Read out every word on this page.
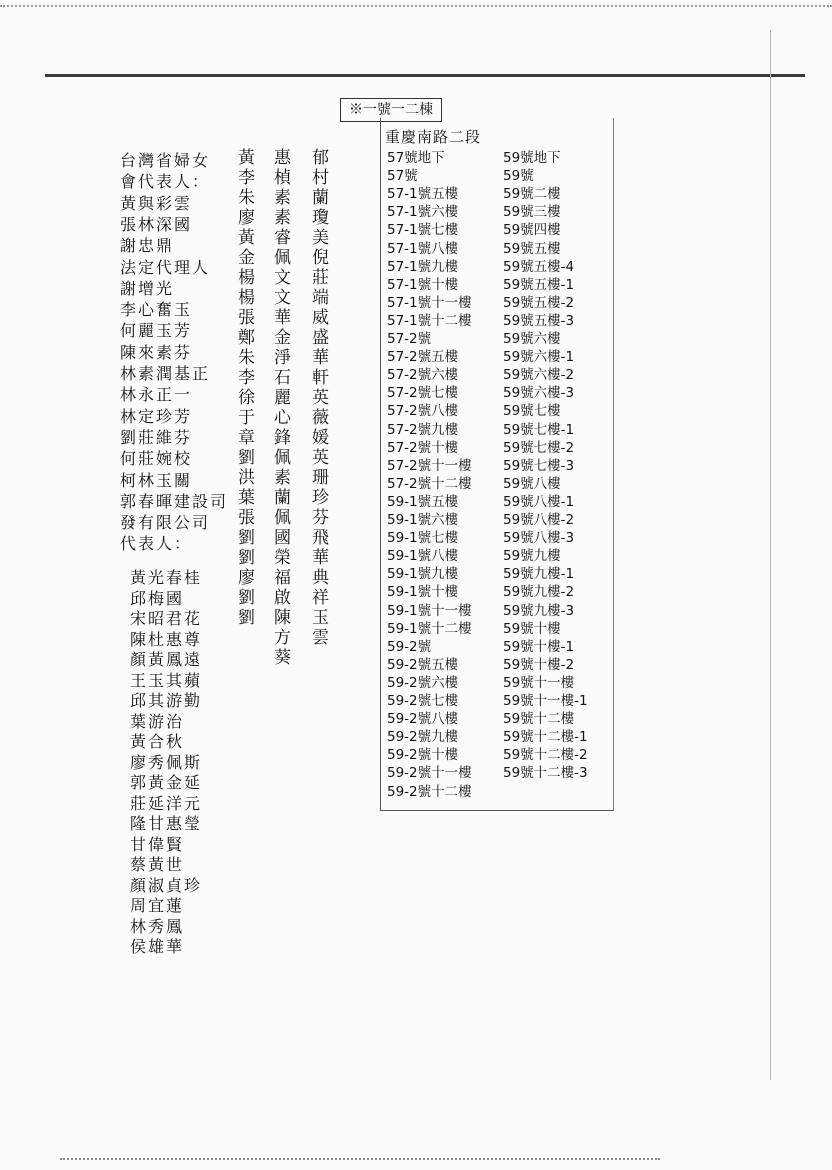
郁村蘭瓊美倪莊端威盛華軒英薇媛英珊珍芬飛華典祥玉雲
惠楨素素睿佩文文華金淨石麗心鋒佩素蘭佩國榮福啟陳方葵
黃李朱廖黃金楊楊張鄭朱李徐于章劉洪葉張劉劉廖劉劉
台灣省婦女
會代表人：
黃與彩雲
張林深國
謝忠鼎
法定代理人
謝增光
李心奮玉
何麗玉芳
陳來素芬
林素潤基正
林永正一
林定珍芳
劉莊維芬
何莊婉校
柯林玉關
郭春暉建設司
發有限公司
代表人：
黃光春桂
邱梅國
宋昭君花
陳杜惠尊
顏黃鳳遠
王玉其蘋
邱其游勤
葉游治
黃合秋
廖秀佩斯
郭黃金延
莊延洋元
隆甘惠瑩
甘偉賢
蔡黃世
顏淑貞珍
周宜蓮
林秀鳳
侯雄華
※一號一二棟
重慶南路二段
57號地下	59號地下
57號	59號
57-1號五樓	59號二樓
57-1號六樓	59號三樓
57-1號七樓	59號四樓
57-1號八樓	59號五樓
57-1號九樓	59號五樓-4
57-1號十樓	59號五樓-1
57-1號十一樓 59號五樓-2
57-1號十二樓 59號五樓-3
57-2號	59號六樓
57-2號五樓	59號六樓-1
57-2號六樓	59號六樓-2
57-2號七樓	59號六樓-3
57-2號八樓	59號七樓
57-2號九樓	59號七樓-1
57-2號十樓	59號七樓-2
57-2號十一樓 59號七樓-3
57-2號十二樓 59號八樓
59-1號五樓	59號八樓-1
59-1號六樓	59號八樓-2
59-1號七樓	59號八樓-3
59-1號八樓	59號九樓
59-1號九樓	59號九樓-1
59-1號十樓	59號九樓-2
59-1號十一樓 59號九樓-3
59-1號十二樓 59號十樓
59-2號	59號十樓-1
59-2號五樓	59號十樓-2
59-2號六樓	59號十一樓
59-2號七樓	59號十一樓-1
59-2號八樓	59號十二樓
59-2號九樓	59號十二樓-1
59-2號十樓	59號十二樓-2
59-2號十一樓 59號十二樓-3
59-2號十二樓
